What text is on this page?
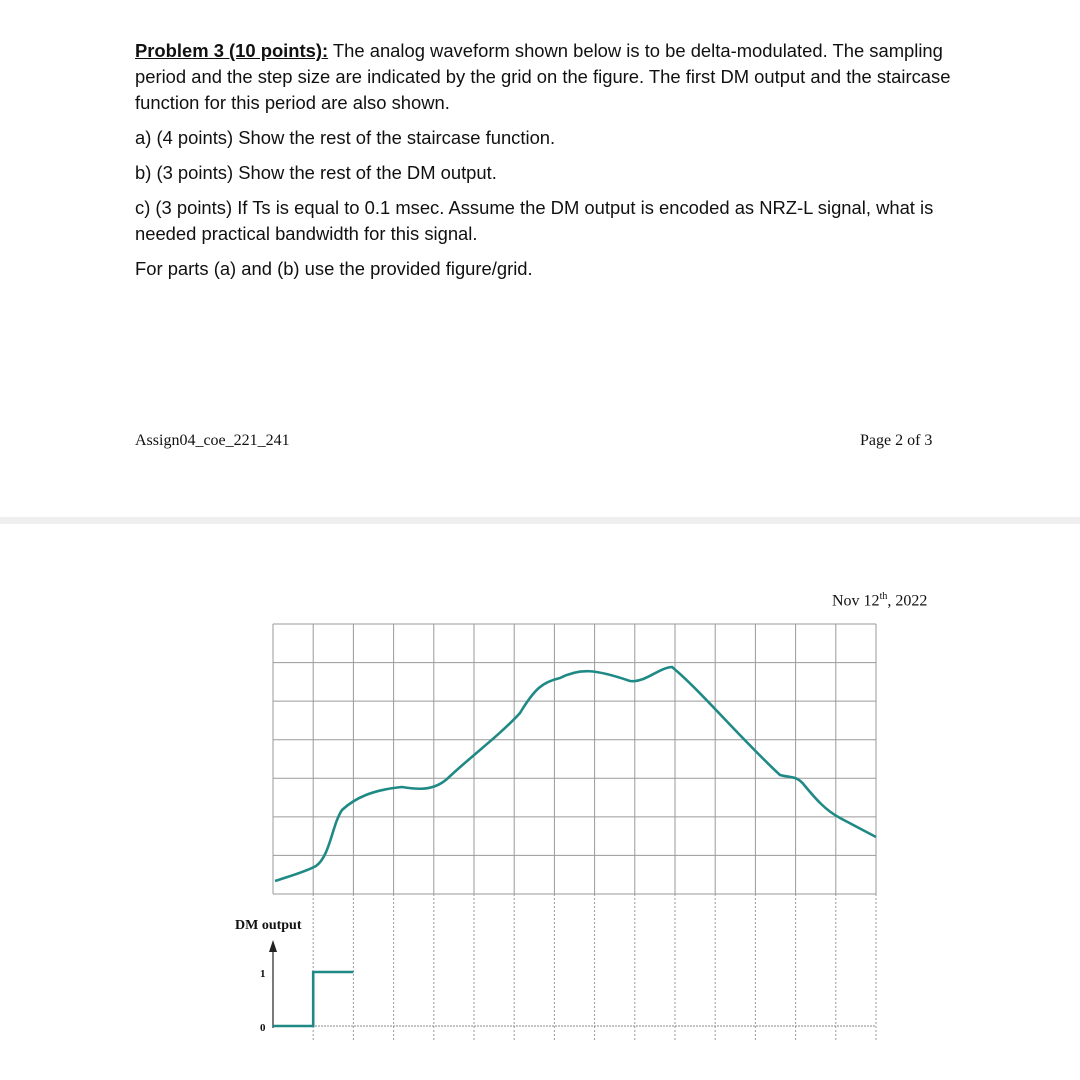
Problem 3 (10 points): The analog waveform shown below is to be delta-modulated. The sampling period and the step size are indicated by the grid on the figure. The first DM output and the staircase function for this period are also shown.

a) (4 points) Show the rest of the staircase function.

b) (3 points) Show the rest of the DM output.

c) (3 points) If Ts is equal to 0.1 msec. Assume the DM output is encoded as NRZ-L signal, what is needed practical bandwidth for this signal.

For parts (a) and (b) use the provided figure/grid.

Assign04_coe_221_241	Page 2 of 3
Nov 12th, 2022
DM output
1
0
